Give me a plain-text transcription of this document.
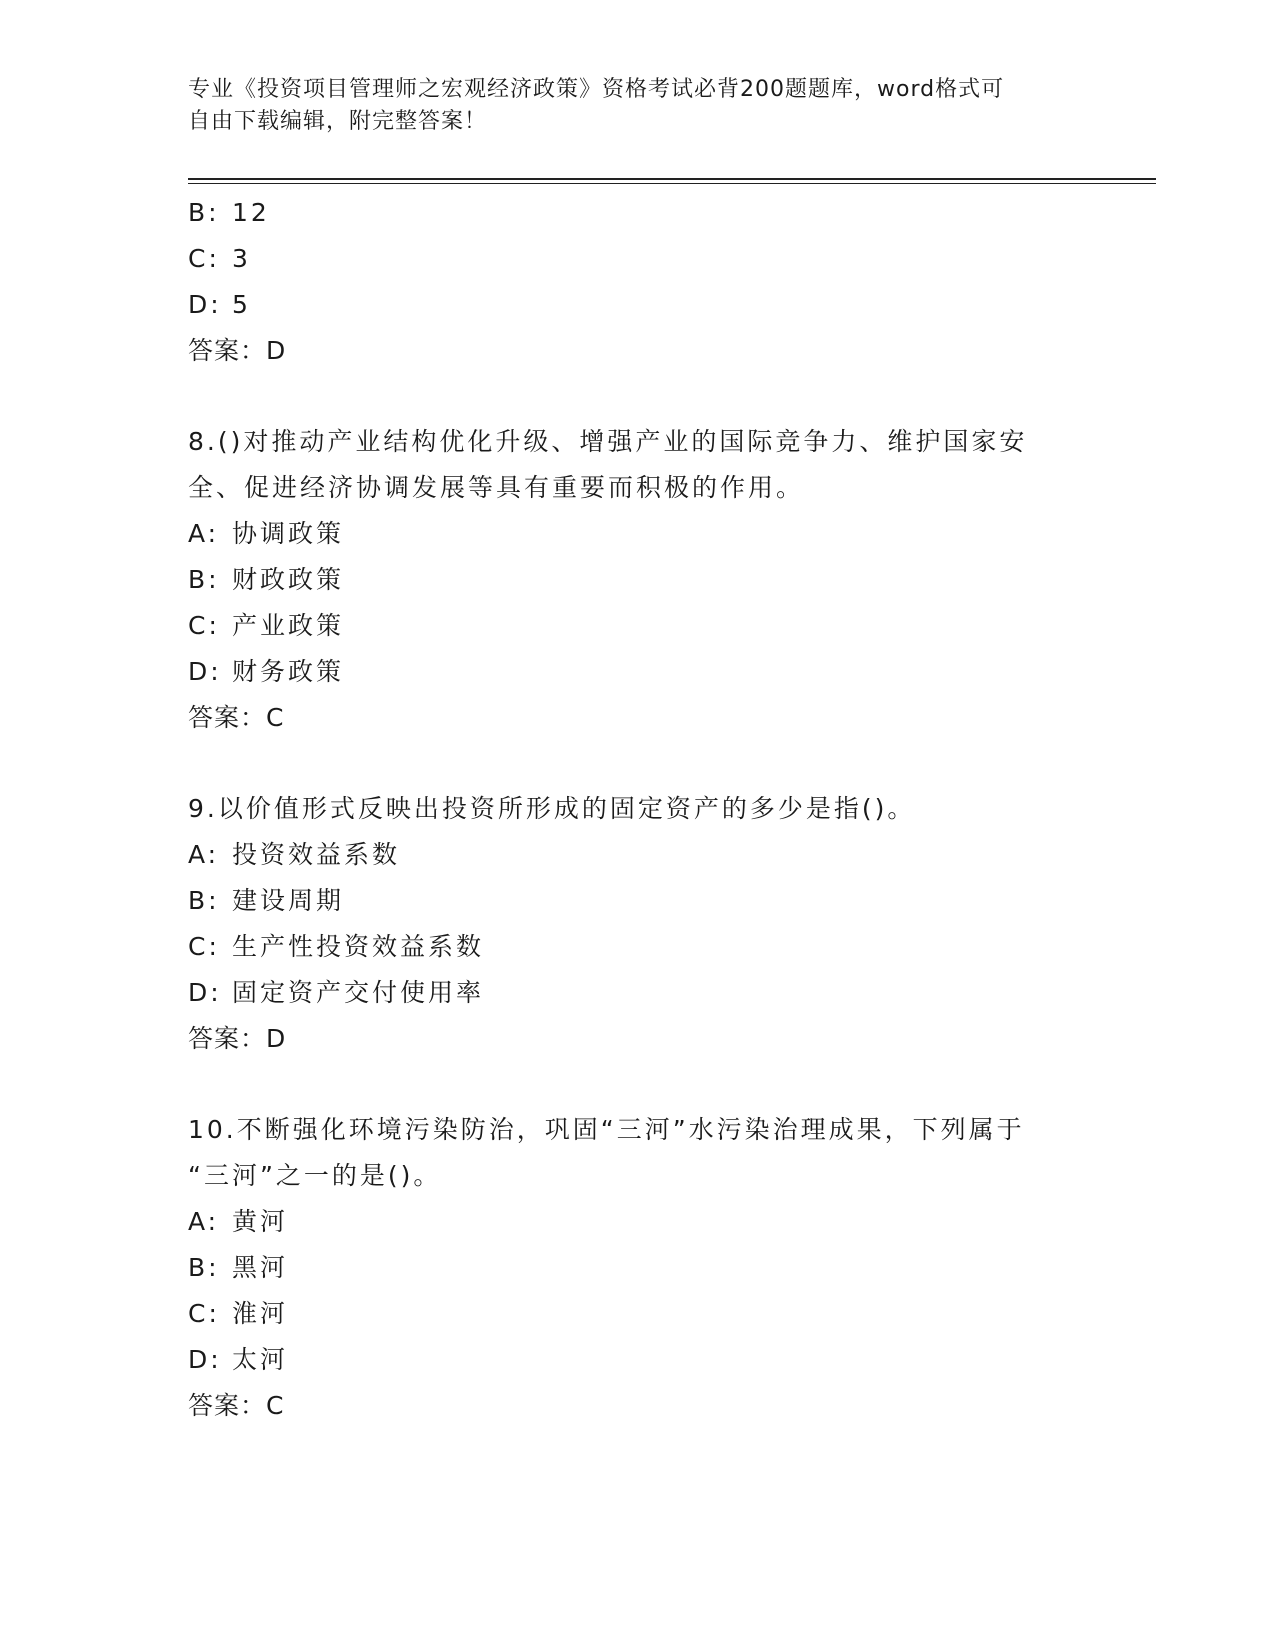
专业《投资项目管理师之宏观经济政策》资格考试必背200题题库，word格式可
自由下载编辑，附完整答案！
B: 12
C: 3
D: 5
答案：D
8.()对推动产业结构优化升级、增强产业的国际竞争力、维护国家安
全、促进经济协调发展等具有重要而积极的作用。
A: 协调政策
B: 财政政策
C: 产业政策
D: 财务政策
答案：C
9.以价值形式反映出投资所形成的固定资产的多少是指()。
A: 投资效益系数
B: 建设周期
C: 生产性投资效益系数
D: 固定资产交付使用率
答案：D
10.不断强化环境污染防治，巩固“三河”水污染治理成果，下列属于
“三河”之一的是()。
A: 黄河
B: 黑河
C: 淮河
D: 太河
答案：C
